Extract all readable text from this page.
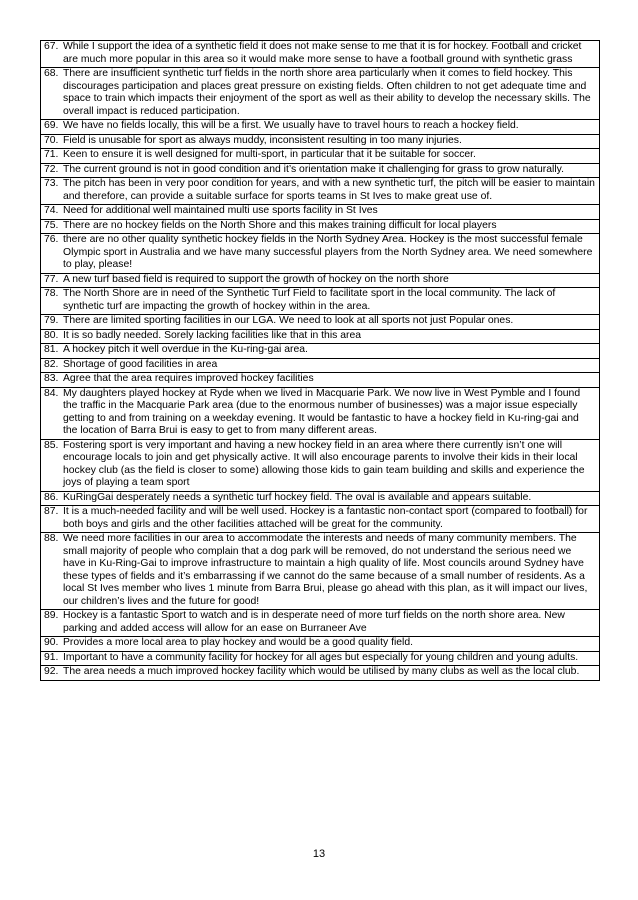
67. While I support the idea of a synthetic field it does not make sense to me that it is for hockey. Football and cricket are much more popular in this area so it would make more sense to have a football ground with synthetic grass

68. There are insufficient synthetic turf fields in the north shore area particularly when it comes to field hockey. This discourages participation and places great pressure on existing fields. Often children to not get adequate time and space to train which impacts their enjoyment of the sport as well as their ability to develop the necessary skills. The overall impact is reduced participation.

69. We have no fields locally, this will be a first. We usually have to travel hours to reach a hockey field.

70. Field is unusable for sport as always muddy, inconsistent resulting in too many injuries.

71. Keen to ensure it is well designed for multi-sport, in particular that it be suitable for soccer.

72. The current ground is not in good condition and it’s orientation make it challenging for grass to grow naturally.

73. The pitch has been in very poor condition for years, and with a new synthetic turf, the pitch will be easier to maintain and therefore, can provide a suitable surface for sports teams in St Ives to make great use of.

74. Need for additional well maintained multi use sports facility in St Ives

75. There are no hockey fields on the North Shore and this makes training difficult for local players

76. there are no other quality synthetic hockey fields in the North Sydney Area. Hockey is the most successful female Olympic sport in Australia and we have many successful players from the North Sydney area. We need somewhere to play, please!

77. A new turf based field is required to support the growth of hockey on the north shore

78. The North Shore are in need of the Synthetic Turf Field to facilitate sport in the local community. The lack of synthetic turf are impacting the growth of hockey within in the area.

79. There are limited sporting facilities in our LGA. We need to look at all sports not just Popular ones.

80. It is so badly needed. Sorely lacking facilities like that in this area

81. A hockey pitch it well overdue in the Ku-ring-gai area.

82. Shortage of good facilities in area

83. Agree that the area requires improved hockey facilities

84. My daughters played hockey at Ryde when we lived in Macquarie Park. We now live in West Pymble and I found the traffic in the Macquarie Park area (due to the enormous number of businesses) was a major issue especially getting to and from training on a weekday evening. It would be fantastic to have a hockey field in Ku-ring-gai and the location of Barra Brui is easy to get to from many different areas.

85. Fostering sport is very important and having a new hockey field in an area where there currently isn’t one will encourage locals to join and get physically active. It will also encourage parents to involve their kids in their local hockey club (as the field is closer to some) allowing those kids to gain team building and skills and experience the joys of playing a team sport

86. KuRingGai desperately needs a synthetic turf hockey field. The oval is available and appears suitable.

87. It is a much-needed facility and will be well used. Hockey is a fantastic non-contact sport (compared to football) for both boys and girls and the other facilities attached will be great for the community.

88. We need more facilities in our area to accommodate the interests and needs of many community members. The small majority of people who complain that a dog park will be removed, do not understand the serious need we have in Ku-Ring-Gai to improve infrastructure to maintain a high quality of life. Most councils around Sydney have these types of fields and it’s embarrassing if we cannot do the same because of a small number of residents. As a local St Ives member who lives 1 minute from Barra Brui, please go ahead with this plan, as it will impact our lives, our children’s lives and the future for good!

89. Hockey is a fantastic Sport to watch and is in desperate need of more turf fields on the north shore area. New parking and added access will allow for an ease on Burraneer Ave

90. Provides a more local area to play hockey and would be a good quality field.

91. Important to have a community facility for hockey for all ages but especially for young children and young adults.

92. The area needs a much improved hockey facility which would be utilised by many clubs as well as the local club.
13
